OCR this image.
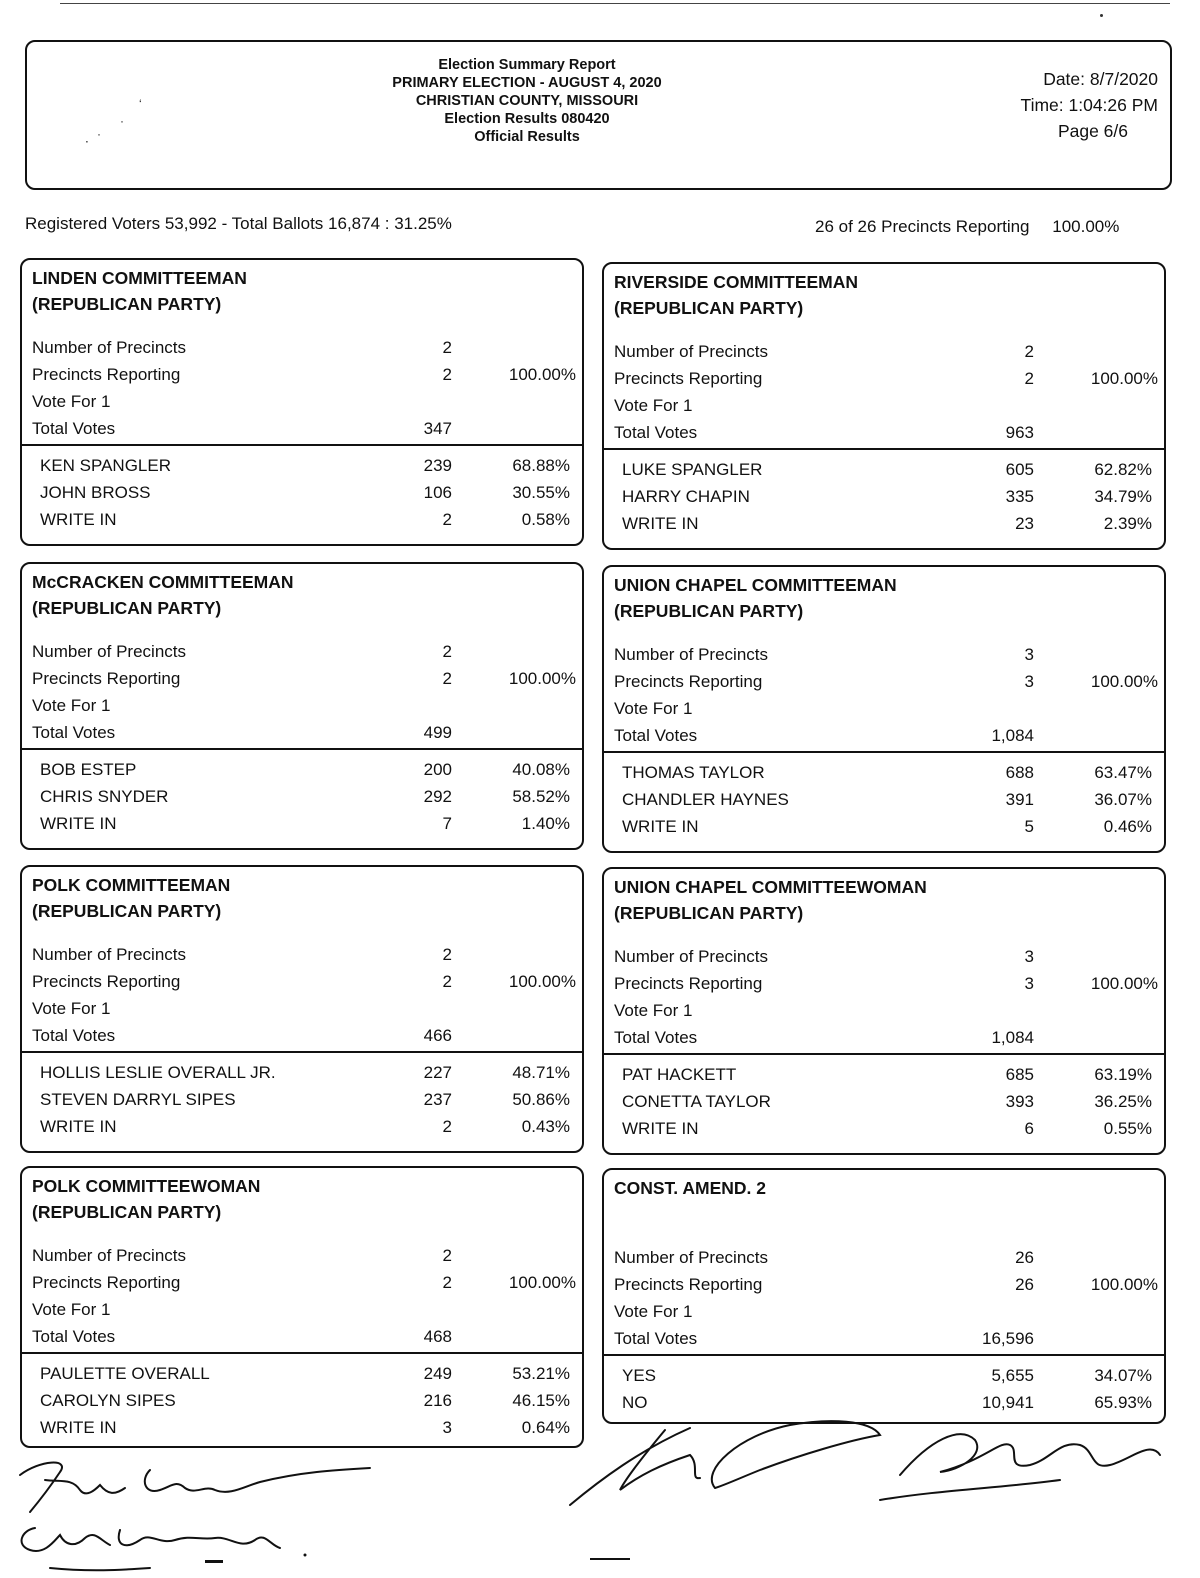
‘
·
·
⋅
Election Summary Report
PRIMARY ELECTION - AUGUST 4, 2020
CHRISTIAN COUNTY, MISSOURI
Election Results 080420
Official Results
Date: 8/7/2020
Time: 1:04:26 PM
Page 6/6
Registered Voters 53,992 - Total Ballots 16,874 : 31.25%	26 of 26 Precincts Reporting 100.00%
LINDEN COMMITTEEMAN
(REPUBLICAN PARTY)
Number of Precincts	2
Precincts Reporting	2	100.00%
Vote For 1
Total Votes	347
KEN SPANGLER	239	68.88%
JOHN BROSS	106	30.55%
WRITE IN	2	0.58%
RIVERSIDE COMMITTEEMAN
(REPUBLICAN PARTY)
Number of Precincts	2
Precincts Reporting	2	100.00%
Vote For 1
Total Votes	963
LUKE SPANGLER	605	62.82%
HARRY CHAPIN	335	34.79%
WRITE IN	23	2.39%
McCRACKEN COMMITTEEMAN
(REPUBLICAN PARTY)
Number of Precincts	2
Precincts Reporting	2	100.00%
Vote For 1
Total Votes	499
BOB ESTEP	200	40.08%
CHRIS SNYDER	292	58.52%
WRITE IN	7	1.40%
UNION CHAPEL COMMITTEEMAN
(REPUBLICAN PARTY)
Number of Precincts	3
Precincts Reporting	3	100.00%
Vote For 1
Total Votes	1,084
THOMAS TAYLOR	688	63.47%
CHANDLER HAYNES	391	36.07%
WRITE IN	5	0.46%
POLK COMMITTEEMAN
(REPUBLICAN PARTY)
Number of Precincts	2
Precincts Reporting	2	100.00%
Vote For 1
Total Votes	466
HOLLIS LESLIE OVERALL JR.	227	48.71%
STEVEN DARRYL SIPES	237	50.86%
WRITE IN	2	0.43%
UNION CHAPEL COMMITTEEWOMAN
(REPUBLICAN PARTY)
Number of Precincts	3
Precincts Reporting	3	100.00%
Vote For 1
Total Votes	1,084
PAT HACKETT	685	63.19%
CONETTA TAYLOR	393	36.25%
WRITE IN	6	0.55%
POLK COMMITTEEWOMAN
(REPUBLICAN PARTY)
Number of Precincts	2
Precincts Reporting	2	100.00%
Vote For 1
Total Votes	468
PAULETTE OVERALL	249	53.21%
CAROLYN SIPES	216	46.15%
WRITE IN	3	0.64%
CONST. AMEND. 2
Number of Precincts	26
Precincts Reporting	26	100.00%
Vote For 1
Total Votes	16,596
YES	5,655	34.07%
NO	10,941	65.93%
